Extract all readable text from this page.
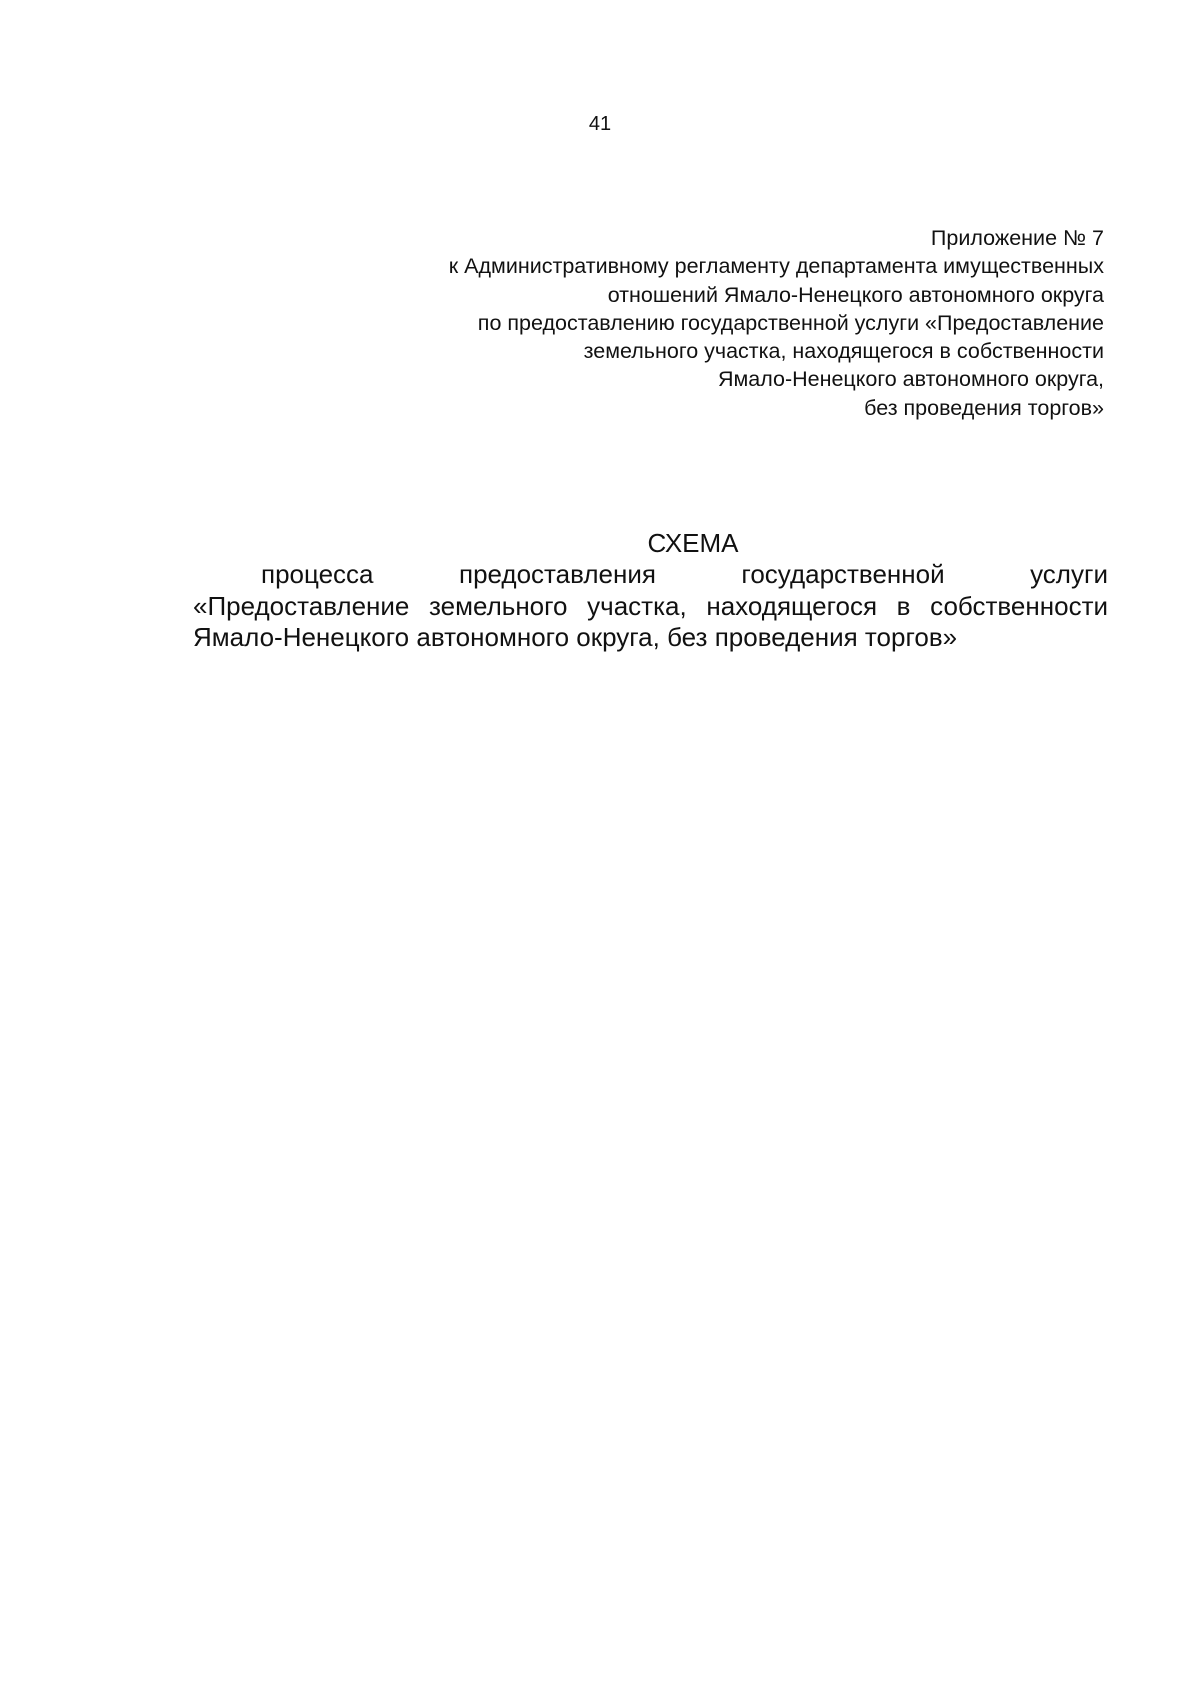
41
Приложение № 7
к Административному регламенту департамента имущественных
отношений Ямало-Ненецкого автономного округа
по предоставлению государственной услуги «Предоставление
земельного участка, находящегося в собственности
Ямало-Ненецкого автономного округа,
без проведения торгов»
СХЕМА
процесса предоставления государственной услуги
«Предоставление земельного участка, находящегося в собственности
Ямало-Ненецкого автономного округа, без проведения торгов»
